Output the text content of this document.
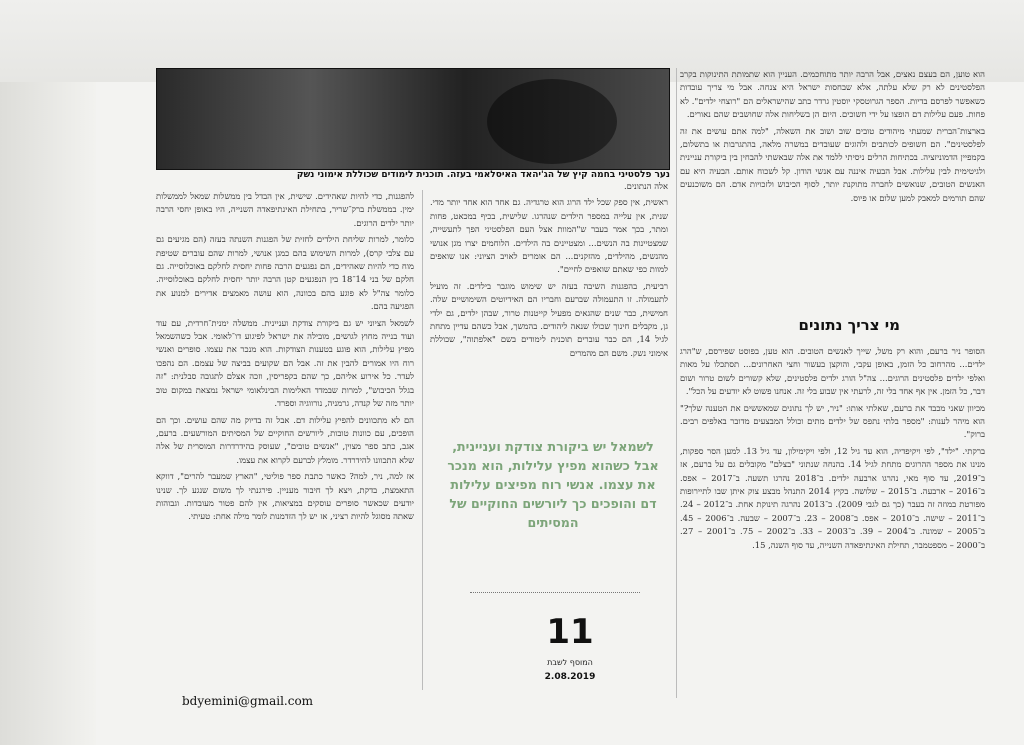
נער פלסטיני בחמה קיץ של הג'יהאד האיסלאמי בעזה. תוכנית לימודים שכוללת אימוני נשק

הוא טוען, הם בעצם נאצים, אבל הרבה יותר מתוחכמים. העניין הוא שתמותת התינוקות בקרב הפלסטינים לא רק שלא עלתה, אלא שבחסות ישראל היא צנחה. אבל מי צריך עובדות כשאפשר לפרסם בדיות. הספר הגרוטסקי יוסטין גרדר כתב שהישראלים הם "רוצחי ילדים". לא פחות. פעם עלילות דם הופצו על ידי חשוכים. היום הן בשליחות אלה שחושבים שהם נאורים.

בארצות־הברית שמעתי מיהודים טובים שוב ושוב את השאלה, "למה אתם עושים את זה לפלסטינים". הם חשופים לכותבים ולהוגים שעובדים במשרה מלאה, בהתגרבות או בתשלום, בקמפיין הדמוניזציה. בכתיחות הרלים ניסיתי ללמד את אלה שבאשתי להבחין בין ביקורת עניינית ולגיטימית לבין עלילות. אבל הבעיה איננה עם אנשי הודון. קל לשכוח אותם. הבעיה היא עם האנשים הטובים, שנואשים לחברה מתוקנת יותר, לסוף הכיבוש ולזכויות אדם. הם משוכנעים שהם תורמים למאבק למען שלום או פיוס.

מי צריך נתונים

הסופר ניר ברעם, והוא רק משל, שייך לאנשים הטובים. הוא טען, בפוסט שפירסם, ש"הרג ילדים... מהרחוב כל הזמן, באופן עקבי, והוקצן בעשור וחצי האחרונים... תסתכלו על מאות ואלפי ילדים פלסטינים הרוגים... צה"ל הורג ילדים פלסטינים, שלא קשורים לשום טרור ושום דבר, כל הזמן. אין אף אחד בלי זה, לרעתי אין שבוע בלי זה. אנחנו פשוט לא יודעים על הכל".

מכיוון שאני מכבד את ברעם, שאלתי אותו: "ניר, יש לך נתונים שמאששים את הטענה שלך?" הוא מיהר לענות: "מספר בלתי נתפס של ילדים מתים וכולל המבצעים מדובר באלפים רבים. ברוק".

ברקתי. "ילד", לפי ויקיפדיה, הוא עד גיל 12, ולפי ויקימילון, עד גיל 13. למען הסר ספקות, מנינו את מספר ההרוגים מתחת לגיל 14. בהנחה שנתוני "בצלם" מקובלים גם על ברעם, אז ב־2019, עד סוף מאי, נהרגו ארבעה ילדים. ב־2018 נהרגו תשעה. ב־2017 – אפס. ב־2016 – ארבעה. ב־2015 – שלושה. בקיץ 2014 התנהל מבצע צוק איתן שבו לתיירופות מפורטת במוזה זה בעבר (כך גם לגבי 2009). ב־2013 נהרגה תינוקת אחת. ב־2012 – 24. ב־2011 – שישה. ב־2010 – אפס. ב־2008 – 23. ב־2007 – שבעה. ב־2006 – 45. ב־2005 – שמונה. ב־2004 – 39. ב־2003 – 33. ב־2002 – 75. ב־2001 – 27. ב־2000 – מספטמבר, תחילת האינתיפאדה השנייה, עד סוף השנה, 15.

אלה הנתונים.

ראשית, אין ספק שכל ילד הרוג הוא טרגדיה. גם אחד הוא אחד יותר מדי. שנית, אין עלייה במספר הילדים שנהרגו. שלישית, בכיף במכאט, פחות ומתר, בכך אמר בעבר ש"המוות אצל העם הפלסטיני הפך לתעשייה, שמצטיינות בה הנשים... ומצטיינים בה הילדים. הלוחמים יצרו מגן אנושי מהנשים, מהילדים, מהזקנים... הם אומרים לאויב הציוני: אנו שואפים למוות כפי שאתם שואפים לחיים".

רביעית, בהפגנות השיבה בעזה יש שימוש מוגבר בילדים. זה מועיל לתעמולה. זו התעמולה שברעם וחבריו הם האידיוטים השימושיים שלה. חמישית, כבר שנים שהגאים מפעיל קייטנות טרור, שבהן ילדים, גם ילדי גן, מקבלים חינוך שכולו שנאה ליהודים. בהמשך, אבל כשהם עדיין מתחת לגיל 14, הם כבר עוברים תוכנית לימודים בשם "אלפתוה", שכוללת אימוני נשק. משם הם מהמרים

לשמאל יש ביקורת צודקת ועניינית, אבל כשהוא מפיץ עלילות, הוא מנכר את עצמו. אנשי רוח מפיצים עלילות דם והופכים כך ליורשים החוקיים של המסיתים
11
המוסף לשבת
2.08.2019

להפגנות, כדי להיות שאהידים. שישית, אין הבדל בין ממשלות שמאל לממשלות ימין. בממשלת ברק־שריר, בתחילת האינתיפאדה השנייה, היו באופן יחסי הרבה יותר ילדים הרוגים.

כלומר, למרות שליחת הילדים לחזית של הפגנות השנתה בעזה (הם מגיעים גם עם צלבי קרס), למרות השימוש בהם כמגן אנושי, למרות שהם עוברים שטיפת מוח כדי להיות שאהידים, הם נפגעים הרבה פחות יחסית לחלקם באוכלוסייה. גם חלקם של בני 14־18 בין הנפגעים קטן הרבה יותר יחסית לחלקם באוכלוסייה. כלומר צה"ל לא פוגע בהם בכוונה, הוא עושה מאמצים אדירים למנוע את הפגיעה בהם.

לשמאל הציוני יש גם ביקורת צודקת ועניינית. ממשלה ימנית־חרדית, עם עוד ועוד בנייה מחוץ לגושים, מובילה את ישראל לפיגוע דו־לאומי. אבל כשהשמאל מפיץ עלילות, הוא פוגע בטענות הצודקות. הוא מנכר את עצמו. סופרים ואנשי רוח היו אמורים להבין את זה. אבל הם שקועים בביצה של עצמם. הם נהפכו לעדר. כל אירוע אליהם, כך שהם בקפריסין, וזכה אצלם לתגובה סבלנית: "זה בגלל הכיבוש", למרות שבמדד האלימות הבינלאומי ישראל נמצאת במקום טוב יותר מזה של קנדה, גרמניה, נורווגיה וספרד.

הם לא מתכוונים להפיץ עלילות דם. אבל זה בדיוק מה שהם עושים. וכך הם הופכים, עם כוונות טובות, ליורשים החוקיים של המסיתים המורשעים. ברעם, אגב, כתב ספר מצוין, "אנשים טובים", שעוסק בהידרדרות המוסרית של אלה שלא התכוונו להידרדר. מומלץ לברעם לקרוא את עצמו.

אז למה, ניר, למה? כאשר כתבת ספר פוליטי, "הארץ שמעבר להרים", דווקא התאמצת, בדקת, ויצא לך חיבור מעניין. פירגנתי לך משום שנגע לך. שנינו יודעים שכאשר סופרים עוסקים במציאות, אין להם פטור מעובדות. וגבוהות שאתה מסוגל להיות רציני, אז יש לך הזדמנות לומר מילה אחת: טעיתי.

bdyemini@gmail.com
